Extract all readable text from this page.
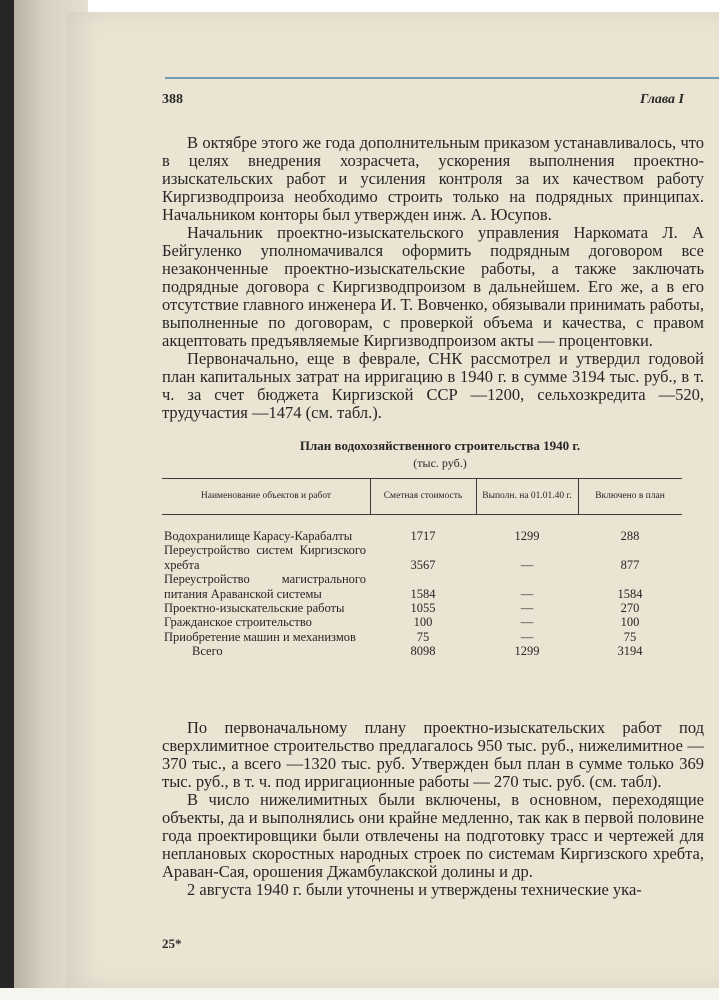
388	Глава I

В октябре этого же года дополнительным приказом устанавливалось, что в целях внедрения хозрасчета, ускорения выполнения проектно-изыскательских работ и усиления контроля за их качеством работу Киргизводпроиза необходимо строить только на подрядных принципах. Начальником конторы был утвержден инж. А. Юсупов.

Начальник проектно-изыскательского управления Наркомата Л. А Бейгуленко уполномачивался оформить подрядным договором все незаконченные проектно-изыскательские работы, а также заключать подрядные договора с Киргизводпроизом в дальнейшем. Его же, а в его отсутствие главного инженера И. Т. Вовченко, обязывали принимать работы, выполненные по договорам, с проверкой объема и качества, с правом акцептовать предъявляемые Киргизводпроизом акты — процентовки.

Первоначально, еще в феврале, СНК рассмотрел и утвердил годовой план капитальных затрат на ирригацию в 1940 г. в сумме 3194 тыс. руб., в т. ч. за счет бюджета Киргизской ССР —1200, сельхозкредита —520, трудучастия —1474 (см. табл.).

План водохозяйственного строительства 1940 г.
(тыс. руб.)
Наименование объектов и работ	Сметная стоимость	Выполн. на 01.01.40 г.	Включено в план
Водохранилище Карасу-Карабалты	1717	1299	288
Переустройство систем Киргизского хребта	3567	—	877
Переустройство магистрального питания Араванской системы	1584	—	1584
Проектно-изыскательские работы	1055	—	270
Гражданское строительство	100	—	100
Приобретение машин и механизмов	75	—	75
Всего	8098	1299	3194

По первоначальному плану проектно-изыскательских работ под сверхлимитное строительство предлагалось 950 тыс. руб., нижелимитное —370 тыс., а всего —1320 тыс. руб. Утвержден был план в сумме только 369 тыс. руб., в т. ч. под ирригационные работы — 270 тыс. руб. (см. табл).

В число нижелимитных были включены, в основном, переходящие объекты, да и выполнялись они крайне медленно, так как в первой половине года проектировщики были отвлечены на подготовку трасс и чертежей для неплановых скоростных народных строек по системам Киргизского хребта, Араван-Сая, орошения Джамбулакской долины и др.

2 августа 1940 г. были уточнены и утверждены технические ука-

25*
